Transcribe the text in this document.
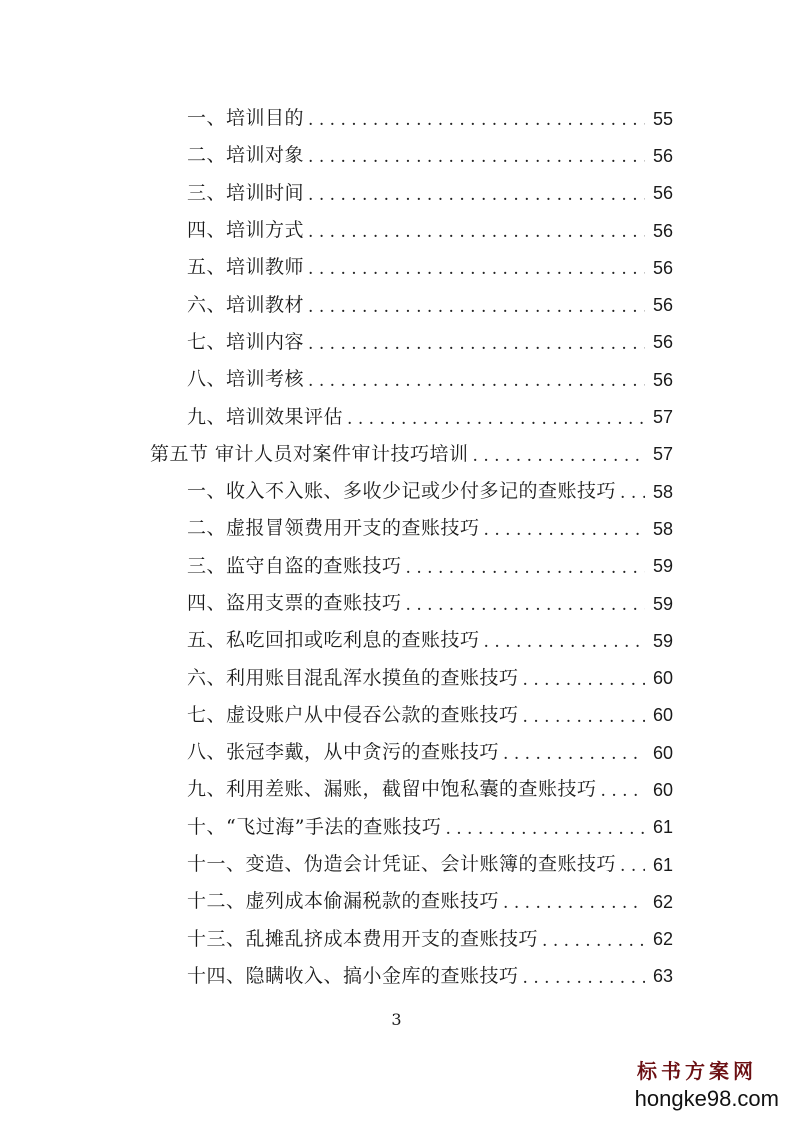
一、培训目的 . . .	55
二、培训对象 . . .	56
三、培训时间 . . .	56
四、培训方式 . . .	56
五、培训教师 . . .	56
六、培训教材 . . .	56
七、培训内容 . . .	56
八、培训考核 . . .	56
九、培训效果评估 . . .	57
第五节 审计人员对案件审计技巧培训 . . .	57
一、收入不入账、多收少记或少付多记的查账技巧 . . . 58
二、虚报冒领费用开支的查账技巧 . . .	58
三、监守自盗的查账技巧 . . .	59
四、盗用支票的查账技巧 . . .	59
五、私吃回扣或吃利息的查账技巧 . . .	59
六、利用账目混乱浑水摸鱼的查账技巧 . . .	60
七、虚设账户从中侵吞公款的查账技巧 . . .	60
八、张冠李戴，从中贪污的查账技巧 . . .	60
九、利用差账、漏账，截留中饱私囊的查账技巧 . . .	60
十、“飞过海”手法的查账技巧 . . .	61
十一、变造、伪造会计凭证、会计账簿的查账技巧 . . . 61
十二、虚列成本偷漏税款的查账技巧 . . .	62
十三、乱摊乱挤成本费用开支的查账技巧 . . .	62
十四、隐瞒收入、搞小金库的查账技巧 . . .	63
3
标书方案网
hongke98.com
